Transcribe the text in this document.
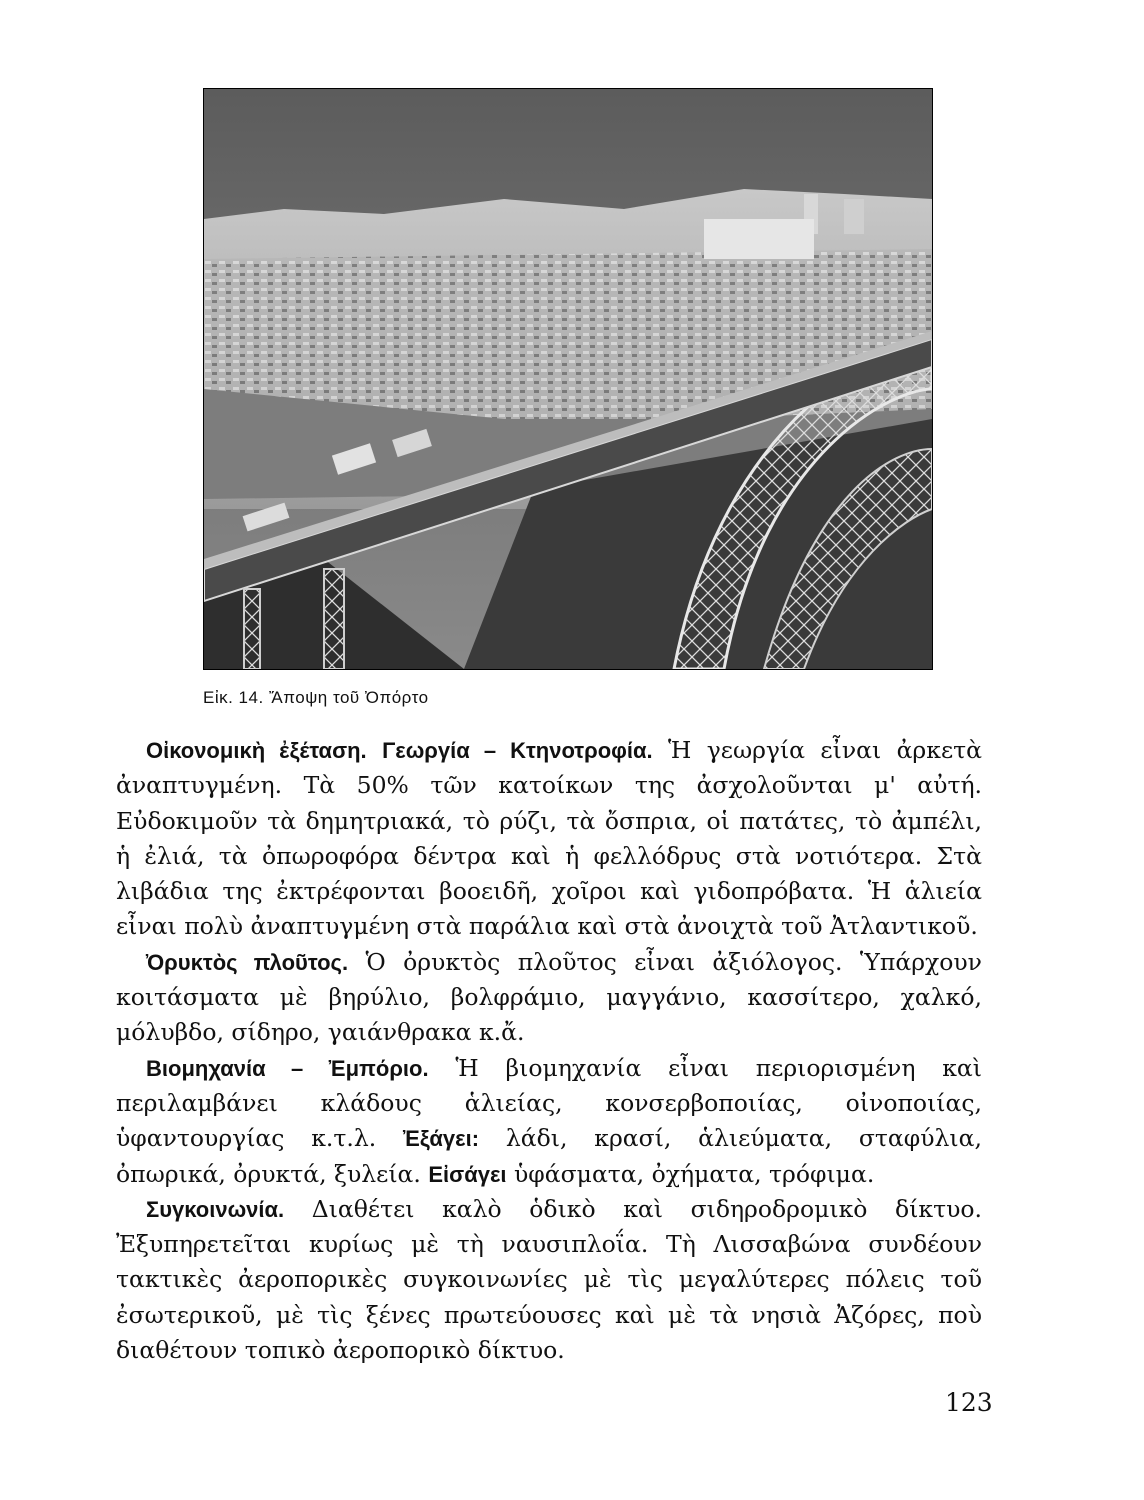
Εἰκ. 14. Ἄποψη τοῦ Ὀπόρτο

Οἰκονομικὴ ἐξέταση. Γεωργία – Κτηνοτροφία. Ἡ γεωργία εἶναι ἀρκετὰ ἀναπτυγμένη. Τὰ 50% τῶν κατοίκων της ἀσχολοῦνται μ' αὐτή. Εὐδοκιμοῦν τὰ δημητριακά, τὸ ρύζι, τὰ ὄσπρια, οἱ πατάτες, τὸ ἀμπέλι, ἡ ἐλιά, τὰ ὀπωροφόρα δέντρα καὶ ἡ φελλόδρυς στὰ νοτιότερα. Στὰ λιβάδια της ἐκτρέφονται βοοειδῆ, χοῖροι καὶ γιδοπρόβατα. Ἡ ἁλιεία εἶναι πολὺ ἀναπτυγμένη στὰ παράλια καὶ στὰ ἀνοιχτὰ τοῦ Ἀτλαντικοῦ.

Ὀρυκτὸς πλοῦτος. Ὁ ὀρυκτὸς πλοῦτος εἶναι ἀξιόλογος. Ὑπάρχουν κοιτάσματα μὲ βηρύλιο, βολφράμιο, μαγγάνιο, κασσίτερο, χαλκό, μόλυβδο, σίδηρο, γαιάνθρακα κ.ἄ.

Βιομηχανία – Ἐμπόριο. Ἡ βιομηχανία εἶναι περιορισμένη καὶ περιλαμβάνει κλάδους ἁλιείας, κονσερβοποιίας, οἰνοποιίας, ὑφαντουργίας κ.τ.λ. Ἐξάγει: λάδι, κρασί, ἁλιεύματα, σταφύλια, ὀπωρικά, ὀρυκτά, ξυλεία. Εἰσάγει ὑφάσματα, ὀχήματα, τρόφιμα.

Συγκοινωνία. Διαθέτει καλὸ ὁδικὸ καὶ σιδηροδρομικὸ δίκτυο. Ἐξυπηρετεῖται κυρίως μὲ τὴ ναυσιπλοΐα. Τὴ Λισσαβώνα συνδέουν τακτικὲς ἀεροπορικὲς συγκοινωνίες μὲ τὶς μεγαλύτερες πόλεις τοῦ ἐσωτερικοῦ, μὲ τὶς ξένες πρωτεύουσες καὶ μὲ τὰ νησιὰ Ἀζόρες, ποὺ διαθέτουν τοπικὸ ἀεροπορικὸ δίκτυο.

123
